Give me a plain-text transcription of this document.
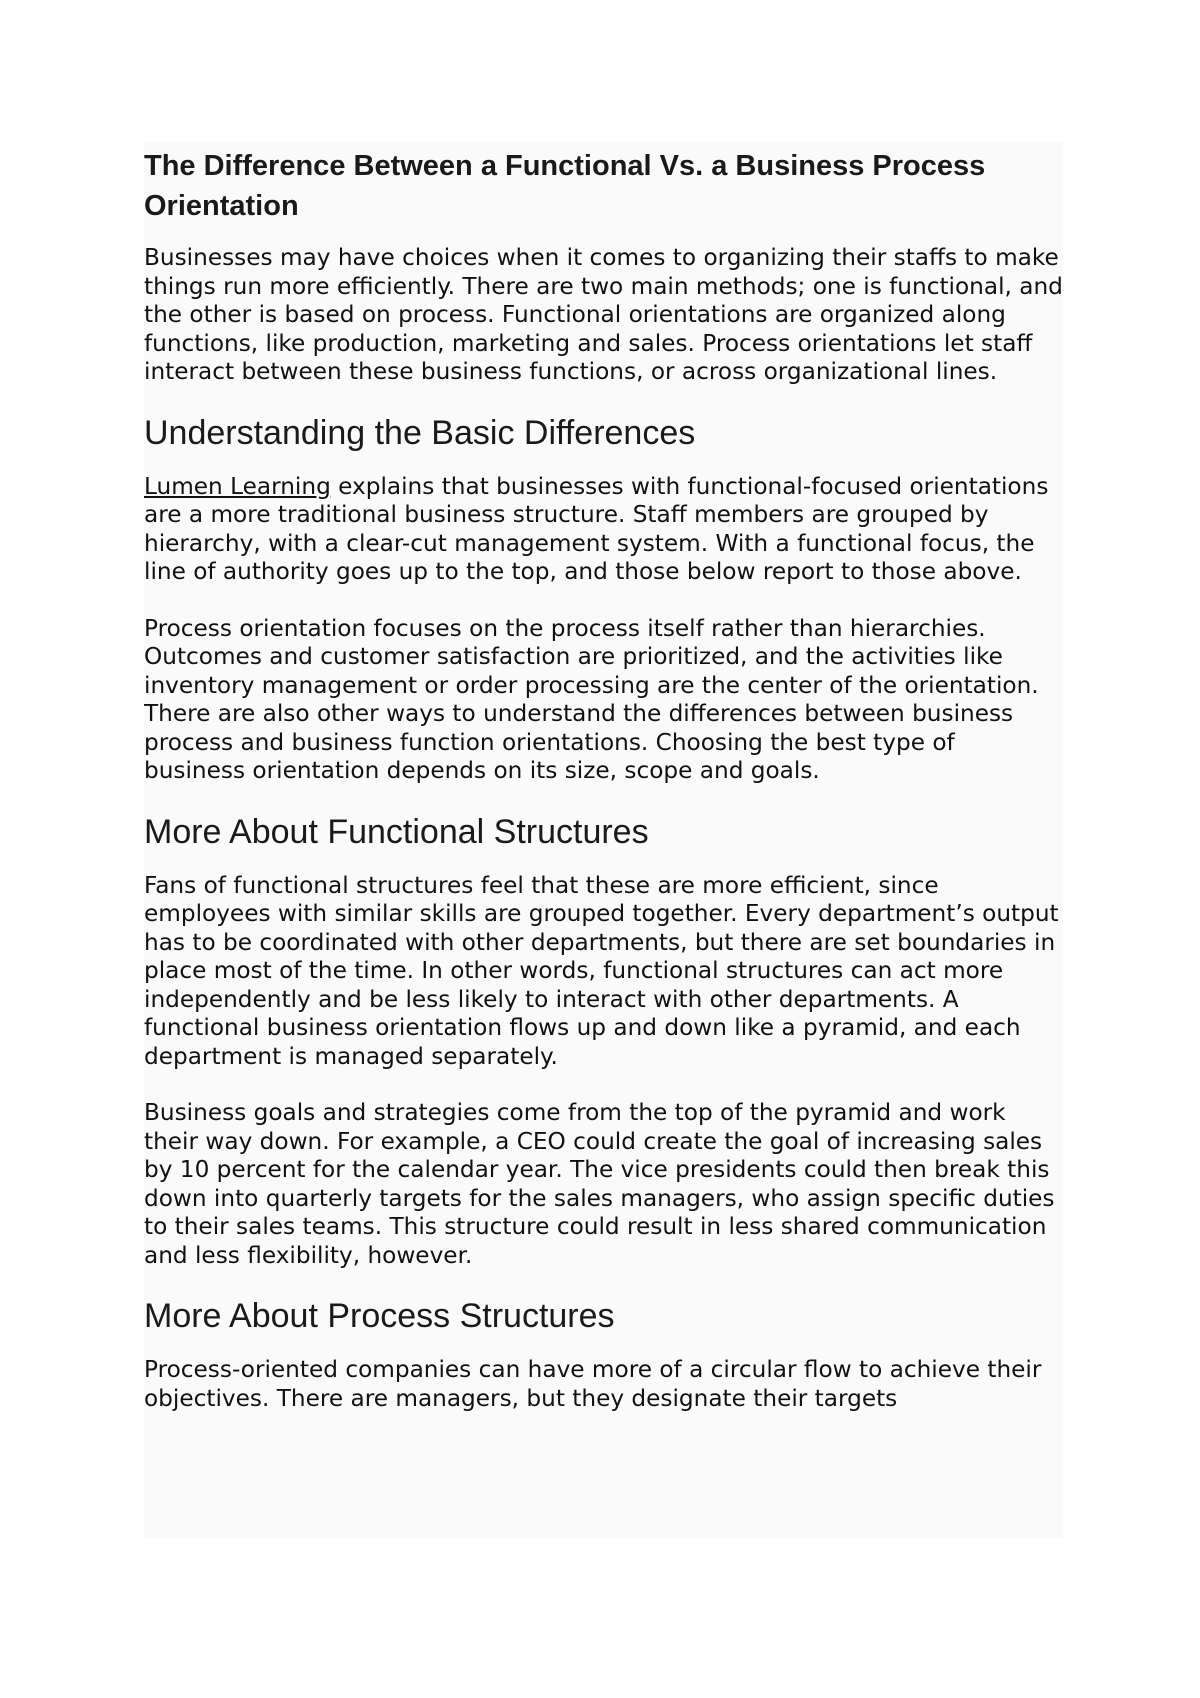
The Difference Between a Functional Vs. a Business Process Orientation

Businesses may have choices when it comes to organizing their staffs to make things run more efficiently. There are two main methods; one is functional, and the other is based on process. Functional orientations are organized along functions, like production, marketing and sales. Process orientations let staff interact between these business functions, or across organizational lines.

Understanding the Basic Differences

Lumen Learning explains that businesses with functional-focused orientations are a more traditional business structure. Staff members are grouped by hierarchy, with a clear-cut management system. With a functional focus, the line of authority goes up to the top, and those below report to those above.

Process orientation focuses on the process itself rather than hierarchies. Outcomes and customer satisfaction are prioritized, and the activities like inventory management or order processing are the center of the orientation. There are also other ways to understand the differences between business process and business function orientations. Choosing the best type of business orientation depends on its size, scope and goals.

More About Functional Structures

Fans of functional structures feel that these are more efficient, since employees with similar skills are grouped together. Every department’s output has to be coordinated with other departments, but there are set boundaries in place most of the time. In other words, functional structures can act more independently and be less likely to interact with other departments. A functional business orientation flows up and down like a pyramid, and each department is managed separately.

Business goals and strategies come from the top of the pyramid and work their way down. For example, a CEO could create the goal of increasing sales by 10 percent for the calendar year. The vice presidents could then break this down into quarterly targets for the sales managers, who assign specific duties to their sales teams. This structure could result in less shared communication and less flexibility, however.

More About Process Structures

Process-oriented companies can have more of a circular flow to achieve their objectives. There are managers, but they designate their targets
